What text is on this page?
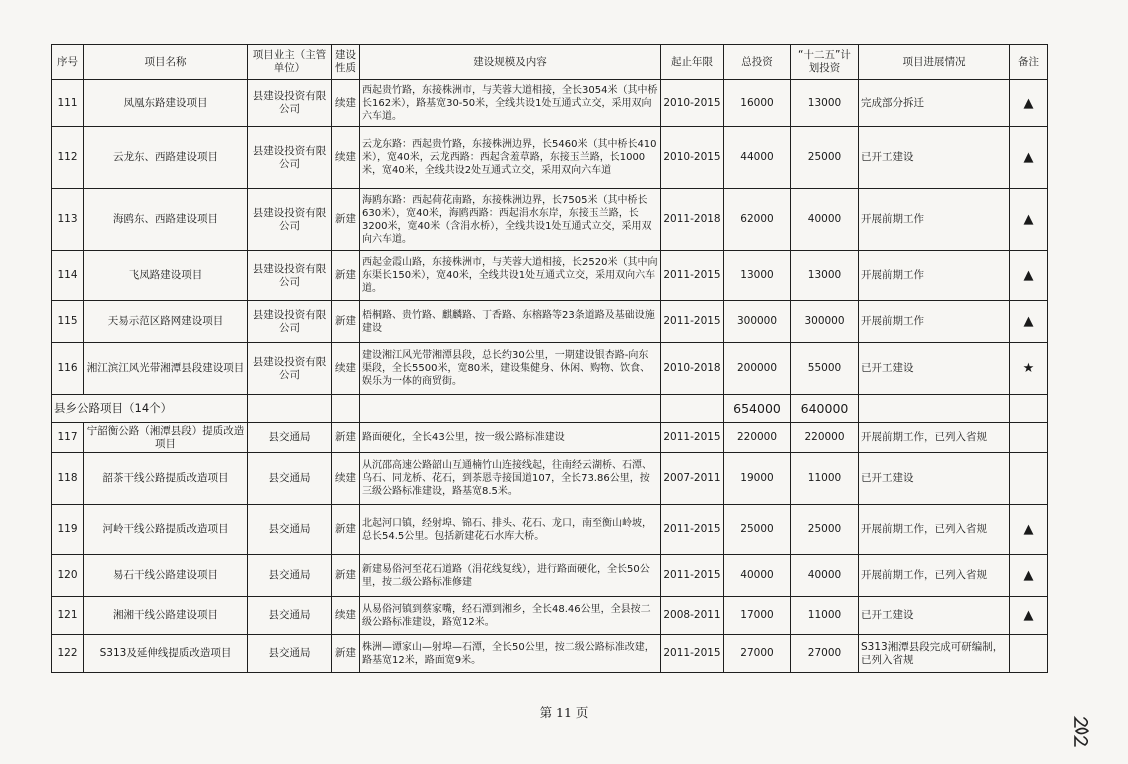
序号	项目名称	项目业主（主管单位）	建设性质	建设规模及内容	起止年限	总投资	“十二五”计划投资	项目进展情况	备注
111	凤凰东路建设项目	县建设投资有限公司	续建	西起贵竹路，东接株洲市，与芙蓉大道相接，全长3054米（其中桥长162米），路基宽30-50米，全线共设1处互通式立交，采用双向六车道。	2010-2015	16000	13000	完成部分拆迁	▲
112	云龙东、西路建设项目	县建设投资有限公司	续建	云龙东路：西起贵竹路，东接株洲边界，长5460米（其中桥长410米），宽40米，云龙西路：西起含羞草路，东接玉兰路，长1000米，宽40米，全线共设2处互通式立交，采用双向六车道	2010-2015	44000	25000	已开工建设	▲
113	海鸥东、西路建设项目	县建设投资有限公司	新建	海鸥东路：西起荷花南路，东接株洲边界，长7505米（其中桥长630米），宽40米，海鸥西路：西起涓水东岸，东接玉兰路，长3200米，宽40米（含涓水桥），全线共设1处互通式立交，采用双向六车道。	2011-2018	62000	40000	开展前期工作	▲
114	飞凤路建设项目	县建设投资有限公司	新建	西起金霞山路，东接株洲市，与芙蓉大道相接，长2520米（其中向东渠长150米），宽40米，全线共设1处互通式立交，采用双向六车道。	2011-2015	13000	13000	开展前期工作	▲
115	天易示范区路网建设项目	县建设投资有限公司	新建	梧桐路、贵竹路、麒麟路、丁香路、东榕路等23条道路及基础设施建设	2011-2015	300000	300000	开展前期工作	▲
116	湘江滨江风光带湘潭县段建设项目	县建设投资有限公司	续建	建设湘江风光带湘潭县段，总长约30公里，一期建设银杏路-向东渠段，全长5500米，宽80米，建设集健身、休闲、购物、饮食、娱乐为一体的商贸街。	2010-2018	200000	55000	已开工建设	★
县乡公路项目（14个）						654000	640000		
117	宁韶衡公路（湘潭县段）提质改造项目	县交通局	新建	路面硬化，全长43公里，按一级公路标准建设	2011-2015	220000	220000	开展前期工作，已列入省规	
118	韶茶干线公路提质改造项目	县交通局	续建	从沉邵高速公路韶山互通楠竹山连接线起，往南经云湖桥、石潭、乌石、同龙桥、花石，到茶恩寺接国道107，全长73.86公里，按三级公路标准建设，路基宽8.5米。	2007-2011	19000	11000	已开工建设	
119	河岭干线公路提质改造项目	县交通局	新建	北起河口镇，经射埠、锦石、排头、花石、龙口，南至衡山岭坡，总长54.5公里。包括新建花石水库大桥。	2011-2015	25000	25000	开展前期工作，已列入省规	▲
120	易石干线公路建设项目	县交通局	新建	新建易俗河至花石道路（涓花线复线），进行路面硬化，全长50公里，按二级公路标准修建	2011-2015	40000	40000	开展前期工作，已列入省规	▲
121	湘湘干线公路建设项目	县交通局	续建	从易俗河镇到蔡家嘴，经石潭到湘乡，全长48.46公里，全县按二级公路标准建设，路宽12米。	2008-2011	17000	11000	已开工建设	▲
122	S313及延伸线提质改造项目	县交通局	新建	株洲—谭家山—射埠—石潭，全长50公里，按二级公路标准改建，路基宽12米，路面宽9米。	2011-2015	27000	27000	S313湘潭县段完成可研编制，已列入省规	
第 11 页
